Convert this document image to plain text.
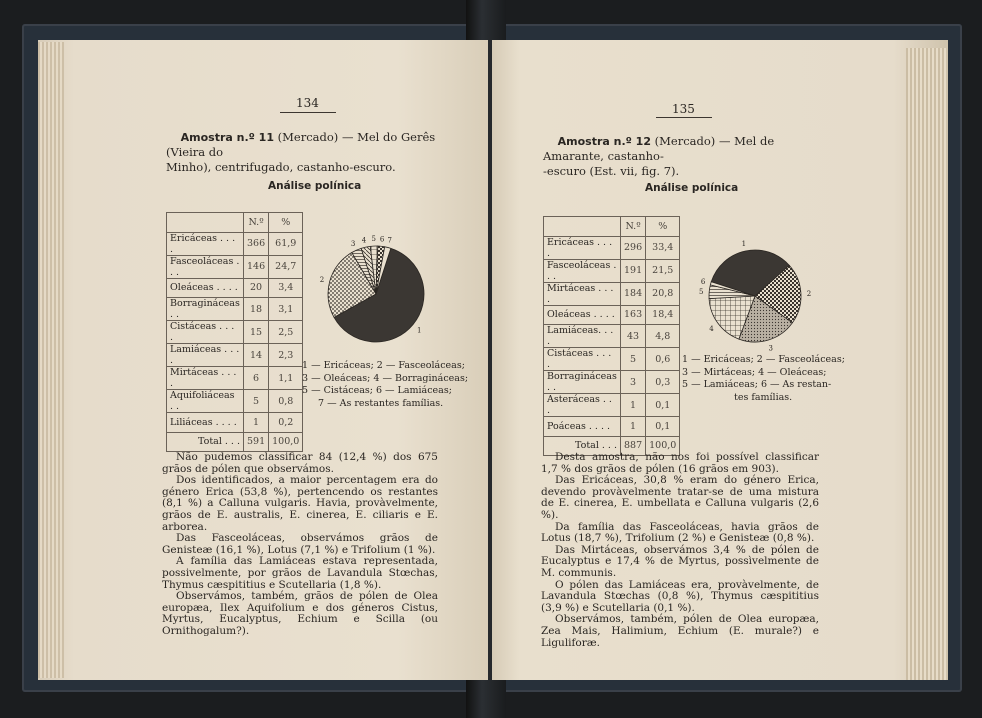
134
Amostra n.º 11 (Mercado) — Mel do Gerês (Vieira do
Minho), centrifugado, castanho-escuro.
Análise polínica
	N.º	%
Ericáceas . . . .	366	61,9
Fasceoláceas . . .	146	24,7
Oleáceas . . . .	20	3,4
Borragináceas . .	18	3,1
Cistáceas . . . .	15	2,5
Lamiáceas . . . .	14	2,3
Mirtáceas . . . .	6	1,1
Aquifoliáceas . .	5	0,8
Liliáceas . . . .	1	0,2
Total . . .	591	100,0
1
2
3 4 5 6 7
1 — Ericáceas; 2 — Fasceoláceas;
3 — Oleáceas; 4 — Borragináceas;
5 — Cistáceas; 6 — Lamiáceas;
7 — As restantes famílias.

Não pudemos classificar 84 (12,4 %) dos 675 grãos de pólen que observámos.

Dos identificados, a maior percentagem era do género Erica (53,8 %), pertencendo os restantes (8,1 %) a Calluna vulgaris. Havia, provàvelmente, grãos de E. australis, E. cinerea, E. ciliaris e E. arborea.

Das Fasceoláceas, observámos grãos de Genisteæ (16,1 %), Lotus (7,1 %) e Trifolium (1 %).

A família das Lamiáceas estava representada, possivelmente, por grãos de Lavandula Stœchas, Thymus cæspititius e Scutellaria (1,8 %).

Observámos, também, grãos de pólen de Olea europæa, Ilex Aquifolium e dos géneros Cistus, Myrtus, Eucalyptus, Echium e Scilla (ou Ornithogalum?).

135
Amostra n.º 12 (Mercado) — Mel de Amarante, castanho-
-escuro (Est. vii, fig. 7).
Análise polínica
	N.º	%
Ericáceas . . . .	296	33,4
Fasceoláceas . . .	191	21,5
Mirtáceas . . . .	184	20,8
Oleáceas . . . .	163	18,4
Lamiáceas. . . .	43	4,8
Cistáceas . . . .	5	0,6
Borragináceas . .	3	0,3
Asteráceas . . .	1	0,1
Poáceas . . . .	1	0,1
Total . . .	887	100,0
1
2
3
4
5
6
1 — Ericáceas; 2 — Fasceoláceas;
3 — Mirtáceas; 4 — Oleáceas;
5 — Lamiáceas; 6 — As restan-
tes famílias.

Desta amostra, não nos foi possível classificar 1,7 % dos grãos de pólen (16 grãos em 903).

Das Ericáceas, 30,8 % eram do género Erica, devendo provàvelmente tratar-se de uma mistura de E. cinerea, E. umbellata e Calluna vulgaris (2,6 %).

Da família das Fasceoláceas, havia grãos de Lotus (18,7 %), Trifolium (2 %) e Genisteæ (0,8 %).

Das Mirtáceas, observámos 3,4 % de pólen de Eucalyptus e 17,4 % de Myrtus, possìvelmente de M. communis.

O pólen das Lamiáceas era, provàvelmente, de Lavandula Stœchas (0,8 %), Thymus cæspititius (3,9 %) e Scutellaria (0,1 %).

Observámos, também, pólen de Olea europæa, Zea Mais, Halimium, Echium (E. murale?) e Liguliforæ.
